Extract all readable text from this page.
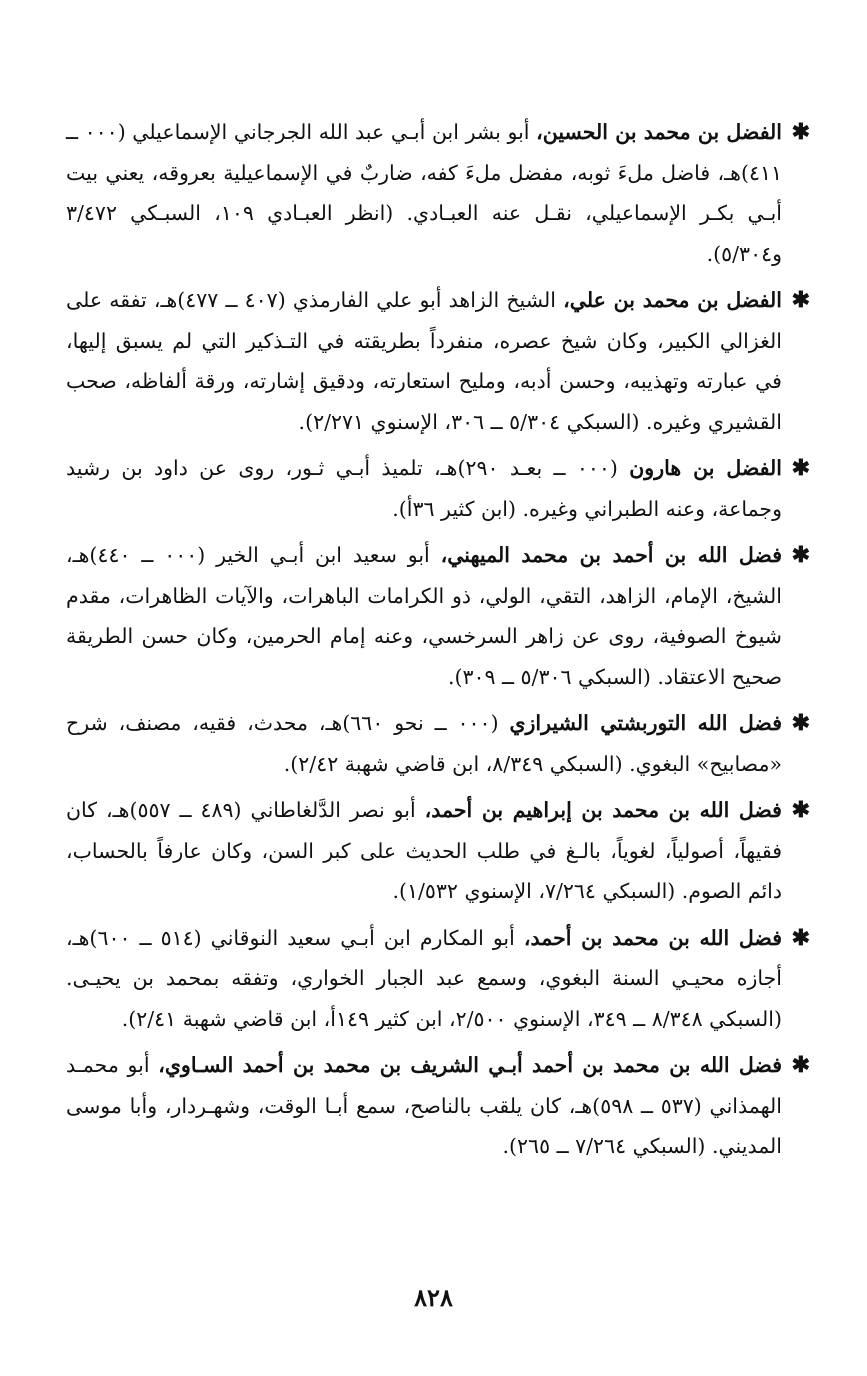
✱
الفضل بن محمد بن الحسين، أبو بشر ابن أبـي عبد الله الجرجاني الإسماعيلي (٠٠٠ ــ ٤١١)هـ، فاضل ملءَ ثوبه، مفضل ملءَ كفه، ضاربٌ في الإسماعيلية بعروقه، يعني بيت أبـي بكـر الإسماعيلي، نقـل عنه العبـادي. (انظر العبـادي ١٠٩، السبـكي ٣/٤٧٢ و٥/٣٠٤).
✱
الفضل بن محمد بن علي، الشيخ الزاهد أبو علي الفارمذي (٤٠٧ ــ ٤٧٧)هـ، تفقه على الغزالي الكبير، وكان شيخ عصره، منفرداً بطريقته في التـذكير التي لم يسبق إليها، في عبارته وتهذيبه، وحسن أدبه، ومليح استعارته، ودقيق إشارته، ورقة ألفاظه، صحب القشيري وغيره. (السبكي ٥/٣٠٤ ــ ٣٠٦، الإسنوي ٢/٢٧١).
✱
الفضل بن هارون (٠٠٠ ــ بعـد ٢٩٠)هـ، تلميذ أبـي ثـور، روى عن داود بن رشيد وجماعة، وعنه الطبراني وغيره. (ابن كثير ٣٦أ).
✱
فضل الله بن أحمد بن محمد الميهني، أبو سعيد ابن أبـي الخير (٠٠٠ ــ ٤٤٠)هـ، الشيخ، الإمام، الزاهد، التقي، الولي، ذو الكرامات الباهرات، والآيات الظاهرات، مقدم شيوخ الصوفية، روى عن زاهر السرخسي، وعنه إمام الحرمين، وكان حسن الطريقة صحيح الاعتقاد. (السبكي ٥/٣٠٦ ــ ٣٠٩).
✱
فضل الله التوربشتي الشيرازي (٠٠٠ ــ نحو ٦٦٠)هـ، محدث، فقيه، مصنف، شرح «مصابيح» البغوي. (السبكي ٨/٣٤٩، ابن قاضي شهبة ٢/٤٢).
✱
فضل الله بن محمد بن إبراهيم بن أحمد، أبو نصر الدَّلغاطاني (٤٨٩ ــ ٥٥٧)هـ، كان فقيهاً، أصولياً، لغوياً، بالـغ في طلب الحديث على كبر السن، وكان عارفاً بالحساب، دائم الصوم. (السبكي ٧/٢٦٤، الإسنوي ١/٥٣٢).
✱
فضل الله بن محمد بن أحمد، أبو المكارم ابن أبـي سعيد النوقاني (٥١٤ ــ ٦٠٠)هـ، أجازه محيـي السنة البغوي، وسمع عبد الجبار الخواري، وتفقه بمحمد بن يحيـى. (السبكي ٨/٣٤٨ ــ ٣٤٩، الإسنوي ٢/٥٠٠، ابن كثير ١٤٩أ، ابن قاضي شهبة ٢/٤١).
✱
فضل الله بن محمد بن أحمد أبـي الشريف بن محمد بن أحمد السـاوي، أبو محمـد الهمذاني (٥٣٧ ــ ٥٩٨)هـ، كان يلقب بالناصح، سمع أبـا الوقت، وشهـردار، وأبا موسى المديني. (السبكي ٧/٢٦٤ ــ ٢٦٥).
٨٢٨
